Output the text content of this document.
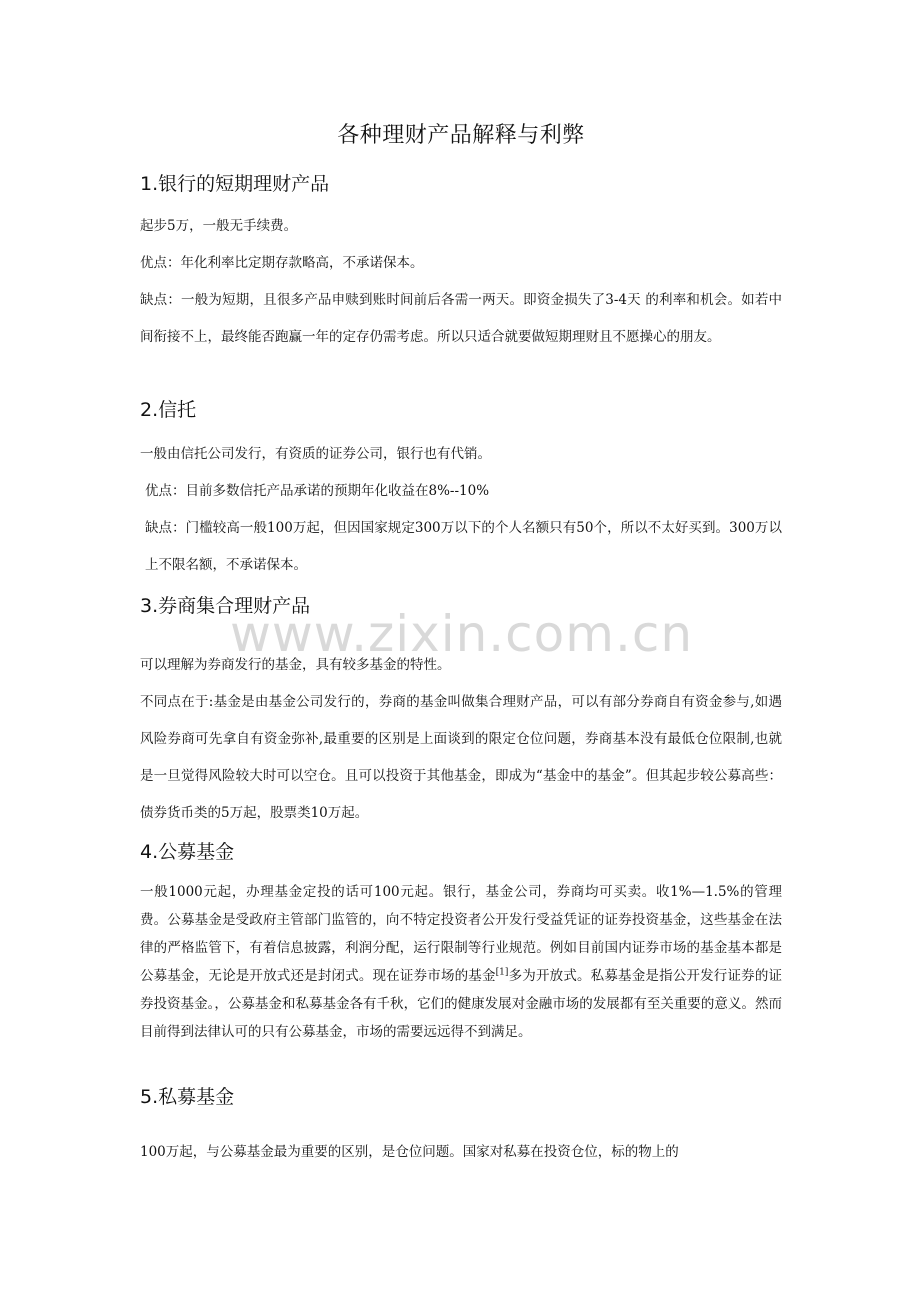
www.zixin.com.cn
各种理财产品解释与利弊
1.银行的短期理财产品

起步5万，一般无手续费。

优点：年化利率比定期存款略高，不承诺保本。

缺点：一般为短期，且很多产品申赎到账时间前后各需一两天。即资金损失了3-4天 的利率和机会。如若中间衔接不上，最终能否跑赢一年的定存仍需考虑。所以只适合就要做短期理财且不愿操心的朋友。

2.信托

一般由信托公司发行，有资质的证券公司，银行也有代销。

优点：目前多数信托产品承诺的预期年化收益在8%--10%

缺点：门槛较高一般100万起，但因国家规定300万以下的个人名额只有50个，所以不太好买到。300万以上不限名额，不承诺保本。

3.券商集合理财产品

可以理解为券商发行的基金，具有较多基金的特性。

不同点在于:基金是由基金公司发行的，券商的基金叫做集合理财产品，可以有部分券商自有资金参与,如遇风险券商可先拿自有资金弥补,最重要的区别是上面谈到的限定仓位问题，券商基本没有最低仓位限制,也就是一旦觉得风险较大时可以空仓。且可以投资于其他基金，即成为“基金中的基金”。但其起步较公募高些：债券货币类的5万起，股票类10万起。

4.公募基金

一般1000元起，办理基金定投的话可100元起。银行，基金公司，券商均可买卖。收1%—1.5%的管理费。公募基金是受政府主管部门监管的，向不特定投资者公开发行受益凭证的证券投资基金，这些基金在法律的严格监管下，有着信息披露，利润分配，运行限制等行业规范。例如目前国内证券市场的基金基本都是公募基金，无论是开放式还是封闭式。现在证券市场的基金[1]多为开放式。私募基金是指公开发行证券的证券投资基金。，公募基金和私募基金各有千秋，它们的健康发展对金融市场的发展都有至关重要的意义。然而目前得到法律认可的只有公募基金，市场的需要远远得不到满足。

5.私募基金

100万起，与公募基金最为重要的区别，是仓位问题。国家对私募在投资仓位，标的物上的
